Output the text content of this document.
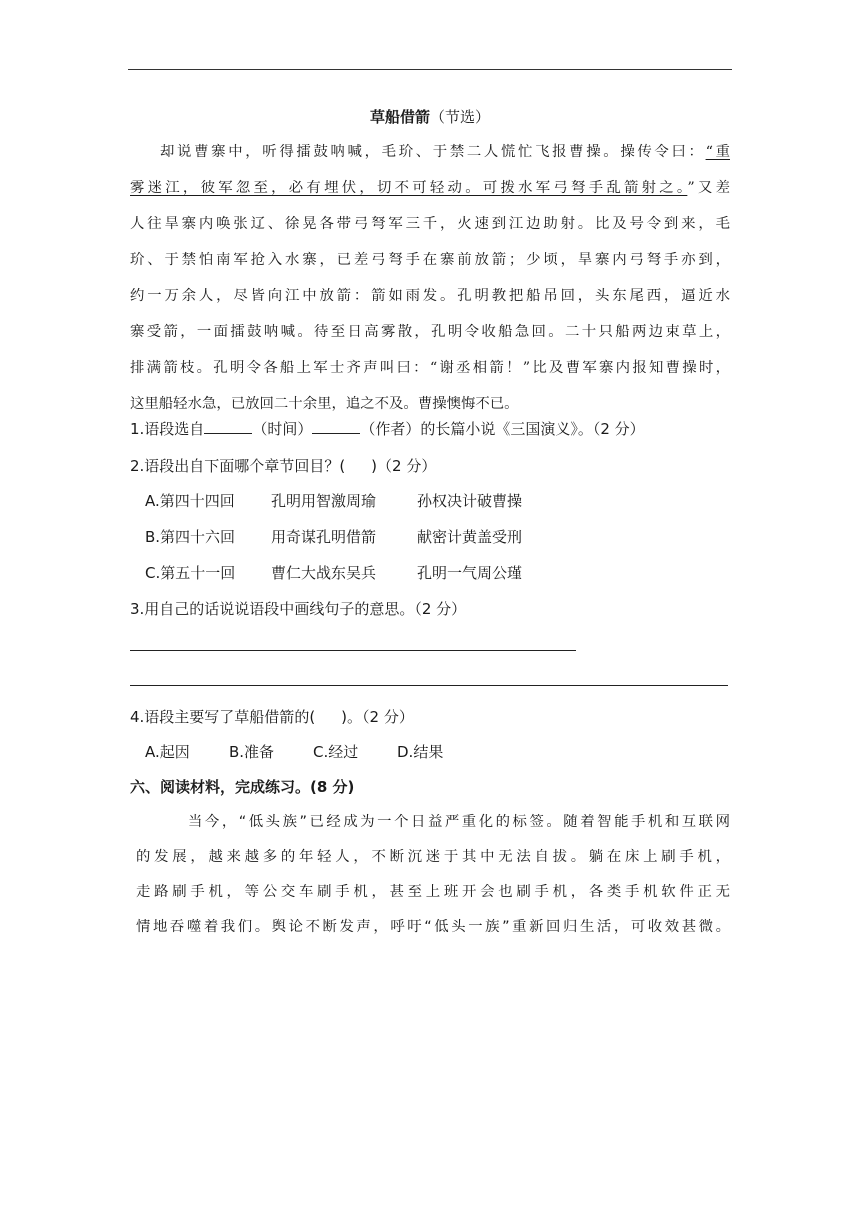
草船借箭（节选）
却说曹寨中，听得擂鼓呐喊，毛玠、于禁二人慌忙飞报曹操。操传令曰：“重
雾迷江，彼军忽至，必有埋伏，切不可轻动。可拨水军弓弩手乱箭射之。”又差
人往旱寨内唤张辽、徐晃各带弓弩军三千，火速到江边助射。比及号令到来，毛
玠、于禁怕南军抢入水寨，已差弓弩手在寨前放箭；少顷，旱寨内弓弩手亦到，
约一万余人，尽皆向江中放箭：箭如雨发。孔明教把船吊回，头东尾西，逼近水
寨受箭，一面擂鼓呐喊。待至日高雾散，孔明令收船急回。二十只船两边束草上，
排满箭枝。孔明令各船上军士齐声叫曰：“谢丞相箭！”比及曹军寨内报知曹操时，
这里船轻水急，已放回二十余里，追之不及。曹操懊悔不已。
1.语段选自	（时间）	（作者）的长篇小说《三国演义》。（2 分）
2.语段出自下面哪个章节回目？( )（2 分）
A.第四十四回 孔明用智激周瑜	孙权决计破曹操
B.第四十六回 用奇谋孔明借箭	献密计黄盖受刑
C.第五十一回 曹仁大战东吴兵	孔明一气周公瑾
3.用自己的话说说语段中画线句子的意思。（2 分）
4.语段主要写了草船借箭的( )。（2 分）
A.起因	B.准备	C.经过	D.结果
六、阅读材料，完成练习。(8 分)
当今，“低头族”已经成为一个日益严重化的标签。随着智能手机和互联网
的发展，越来越多的年轻人，不断沉迷于其中无法自拔。躺在床上刷手机，
走路刷手机，等公交车刷手机，甚至上班开会也刷手机，各类手机软件正无
情地吞噬着我们。舆论不断发声，呼吁“低头一族”重新回归生活，可收效甚微。
